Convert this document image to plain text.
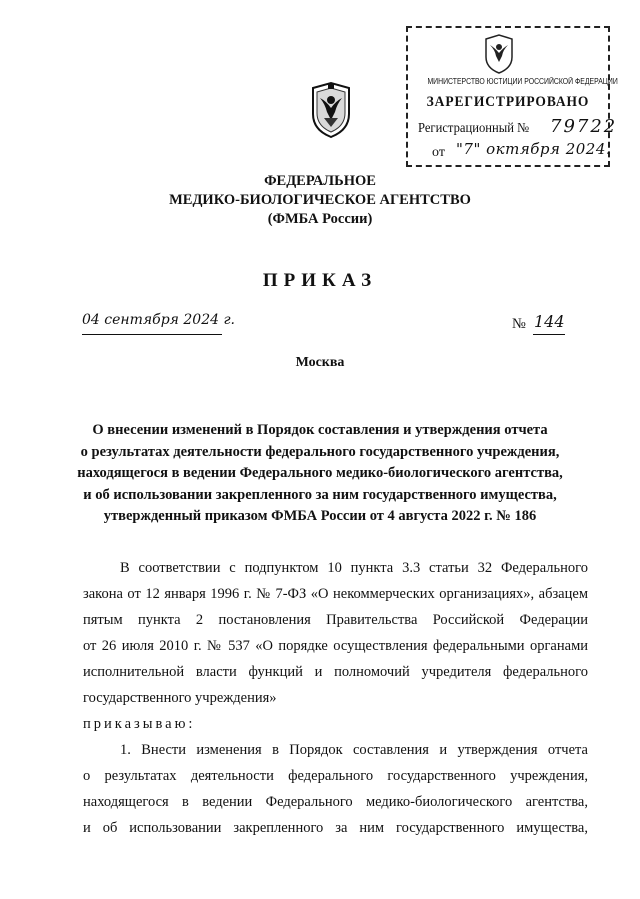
МИНИСТЕРСТВО ЮСТИЦИИ РОССИЙСКОЙ ФЕДЕРАЦИИ
ЗАРЕГИСТРИРОВАНО
Регистрационный № 79722
от "7" октября 2024.
ФЕДЕРАЛЬНОЕ
МЕДИКО-БИОЛОГИЧЕСКОЕ АГЕНТСТВО
(ФМБА России)
ПРИКАЗ
04 сентября 2024 г.	№ 144
Москва
О внесении изменений в Порядок составления и утверждения отчета
о результатах деятельности федерального государственного учреждения,
находящегося в ведении Федерального медико-биологического агентства,
и об использовании закрепленного за ним государственного имущества,
утвержденный приказом ФМБА России от 4 августа 2022 г. № 186
В соответствии с подпунктом 10 пункта 3.3 статьи 32 Федерального
закона от 12 января 1996 г. № 7-ФЗ «О некоммерческих организациях», абзацем
пятым пункта 2 постановления Правительства Российской Федерации
от 26 июля 2010 г. № 537 «О порядке осуществления федеральными органами
исполнительной власти функций и полномочий учредителя федерального
государственного учреждения»
приказываю:
1. Внести изменения в Порядок составления и утверждения отчета
о результатах деятельности федерального государственного учреждения,
находящегося в ведении Федерального медико-биологического агентства,
и об использовании закрепленного за ним государственного имущества,
